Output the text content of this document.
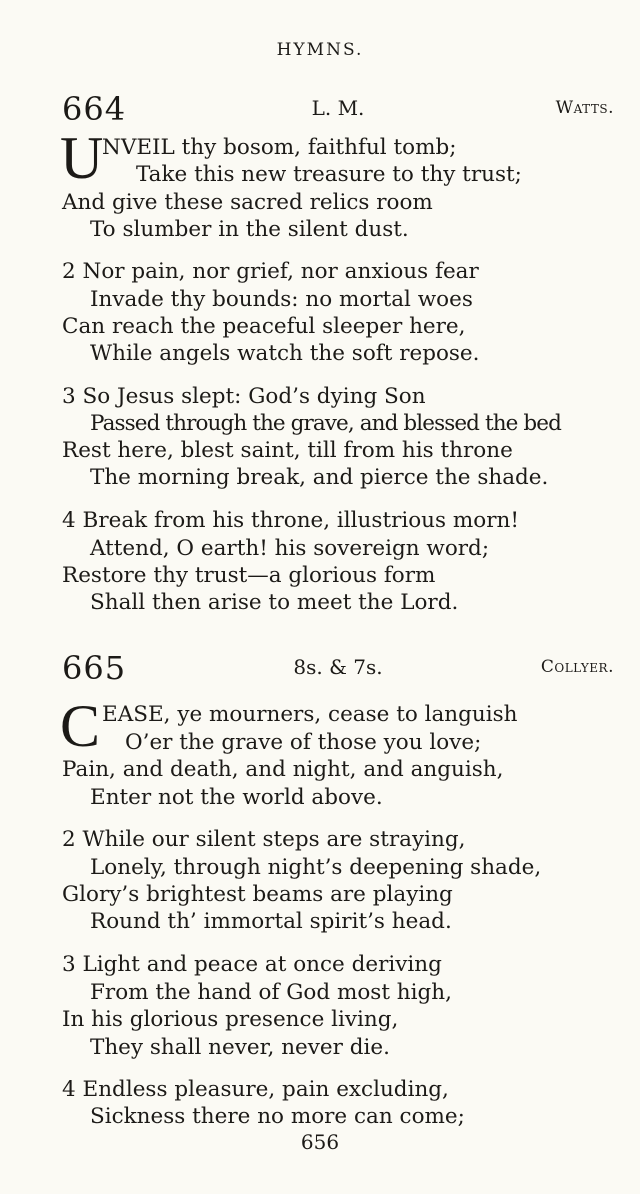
HYMNS.
664	L. M.	Watts.
U
NVEIL thy bosom, faithful tomb;
Take this new treasure to thy trust;
And give these sacred relics room
To slumber in the silent dust.
2 Nor pain, nor grief, nor anxious fear
Invade thy bounds: no mortal woes
Can reach the peaceful sleeper here,
While angels watch the soft repose.
3 So Jesus slept: God’s dying Son
Passed through the grave, and blessed the bed
Rest here, blest saint, till from his throne
The morning break, and pierce the shade.
4 Break from his throne, illustrious morn!
Attend, O earth! his sovereign word;
Restore thy trust—a glorious form
Shall then arise to meet the Lord.
665	8s. & 7s.	Collyer.
C EASE, ye mourners, cease to languish
O’er the grave of those you love;
Pain, and death, and night, and anguish,
Enter not the world above.
2 While our silent steps are straying,
Lonely, through night’s deepening shade,
Glory’s brightest beams are playing
Round th’ immortal spirit’s head.
3 Light and peace at once deriving
From the hand of God most high,
In his glorious presence living,
They shall never, never die.
4 Endless pleasure, pain excluding,
Sickness there no more can come;
656
